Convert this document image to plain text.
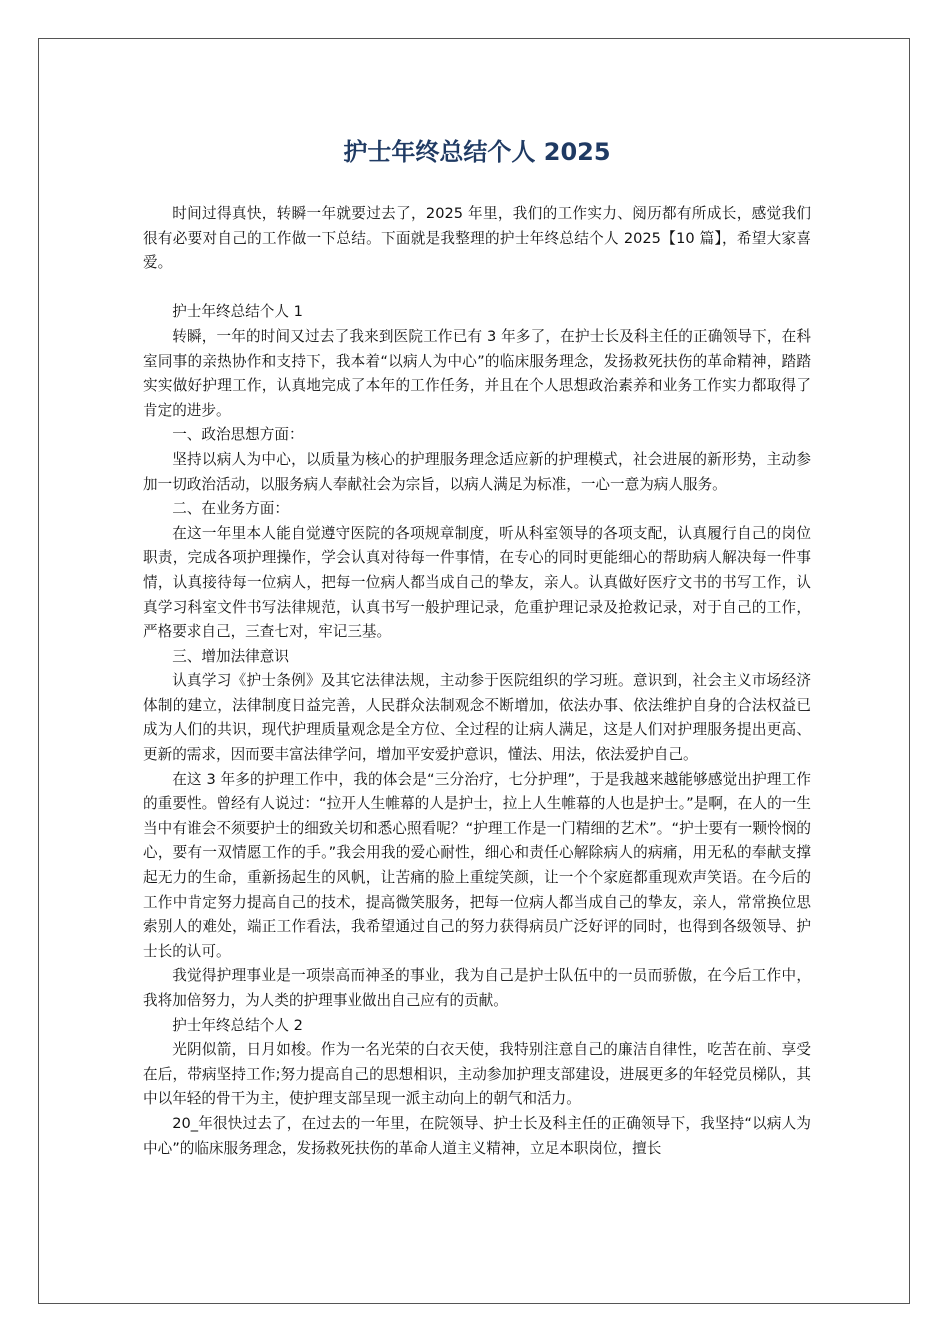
护士年终总结个人 2025

时间过得真快，转瞬一年就要过去了，2025 年里，我们的工作实力、阅历都有所成长，感觉我们很有必要对自己的工作做一下总结。下面就是我整理的护士年终总结个人 2025【10 篇】，希望大家喜爱。

护士年终总结个人 1

转瞬，一年的时间又过去了我来到医院工作已有 3 年多了，在护士长及科主任的正确领导下，在科室同事的亲热协作和支持下，我本着“以病人为中心”的临床服务理念，发扬救死扶伤的革命精神，踏踏实实做好护理工作，认真地完成了本年的工作任务，并且在个人思想政治素养和业务工作实力都取得了肯定的进步。

一、政治思想方面：

坚持以病人为中心，以质量为核心的护理服务理念适应新的护理模式，社会进展的新形势，主动参加一切政治活动，以服务病人奉献社会为宗旨，以病人满足为标准，一心一意为病人服务。

二、在业务方面：

在这一年里本人能自觉遵守医院的各项规章制度，听从科室领导的各项支配，认真履行自己的岗位职责，完成各项护理操作，学会认真对待每一件事情，在专心的同时更能细心的帮助病人解决每一件事情，认真接待每一位病人，把每一位病人都当成自己的挚友，亲人。认真做好医疗文书的书写工作，认真学习科室文件书写法律规范，认真书写一般护理记录，危重护理记录及抢救记录，对于自己的工作，严格要求自己，三查七对，牢记三基。

三、增加法律意识

认真学习《护士条例》及其它法律法规，主动参于医院组织的学习班。意识到，社会主义市场经济体制的建立，法律制度日益完善，人民群众法制观念不断增加，依法办事、依法维护自身的合法权益已成为人们的共识，现代护理质量观念是全方位、全过程的让病人满足，这是人们对护理服务提出更高、更新的需求，因而要丰富法律学问，增加平安爱护意识，懂法、用法，依法爱护自己。

在这 3 年多的护理工作中，我的体会是“三分治疗，七分护理”，于是我越来越能够感觉出护理工作的重要性。曾经有人说过：“拉开人生帷幕的人是护士，拉上人生帷幕的人也是护士。”是啊，在人的一生当中有谁会不须要护士的细致关切和悉心照看呢？“护理工作是一门精细的艺术”。“护士要有一颗怜悯的心，要有一双情愿工作的手。”我会用我的爱心耐性，细心和责任心解除病人的病痛，用无私的奉献支撑起无力的生命，重新扬起生的风帆，让苦痛的脸上重绽笑颜，让一个个家庭都重现欢声笑语。在今后的工作中肯定努力提高自己的技术，提高微笑服务，把每一位病人都当成自己的挚友，亲人，常常换位思索别人的难处，端正工作看法，我希望通过自己的努力获得病员广泛好评的同时，也得到各级领导、护士长的认可。

我觉得护理事业是一项崇高而神圣的事业，我为自己是护士队伍中的一员而骄傲，在今后工作中，我将加倍努力，为人类的护理事业做出自己应有的贡献。

护士年终总结个人 2

光阴似箭，日月如梭。作为一名光荣的白衣天使，我特别注意自己的廉洁自律性，吃苦在前、享受在后，带病坚持工作;努力提高自己的思想相识，主动参加护理支部建设，进展更多的年轻党员梯队，其中以年轻的骨干为主，使护理支部呈现一派主动向上的朝气和活力。

20_年很快过去了，在过去的一年里，在院领导、护士长及科主任的正确领导下，我坚持“以病人为中心”的临床服务理念，发扬救死扶伤的革命人道主义精神，立足本职岗位，擅长
